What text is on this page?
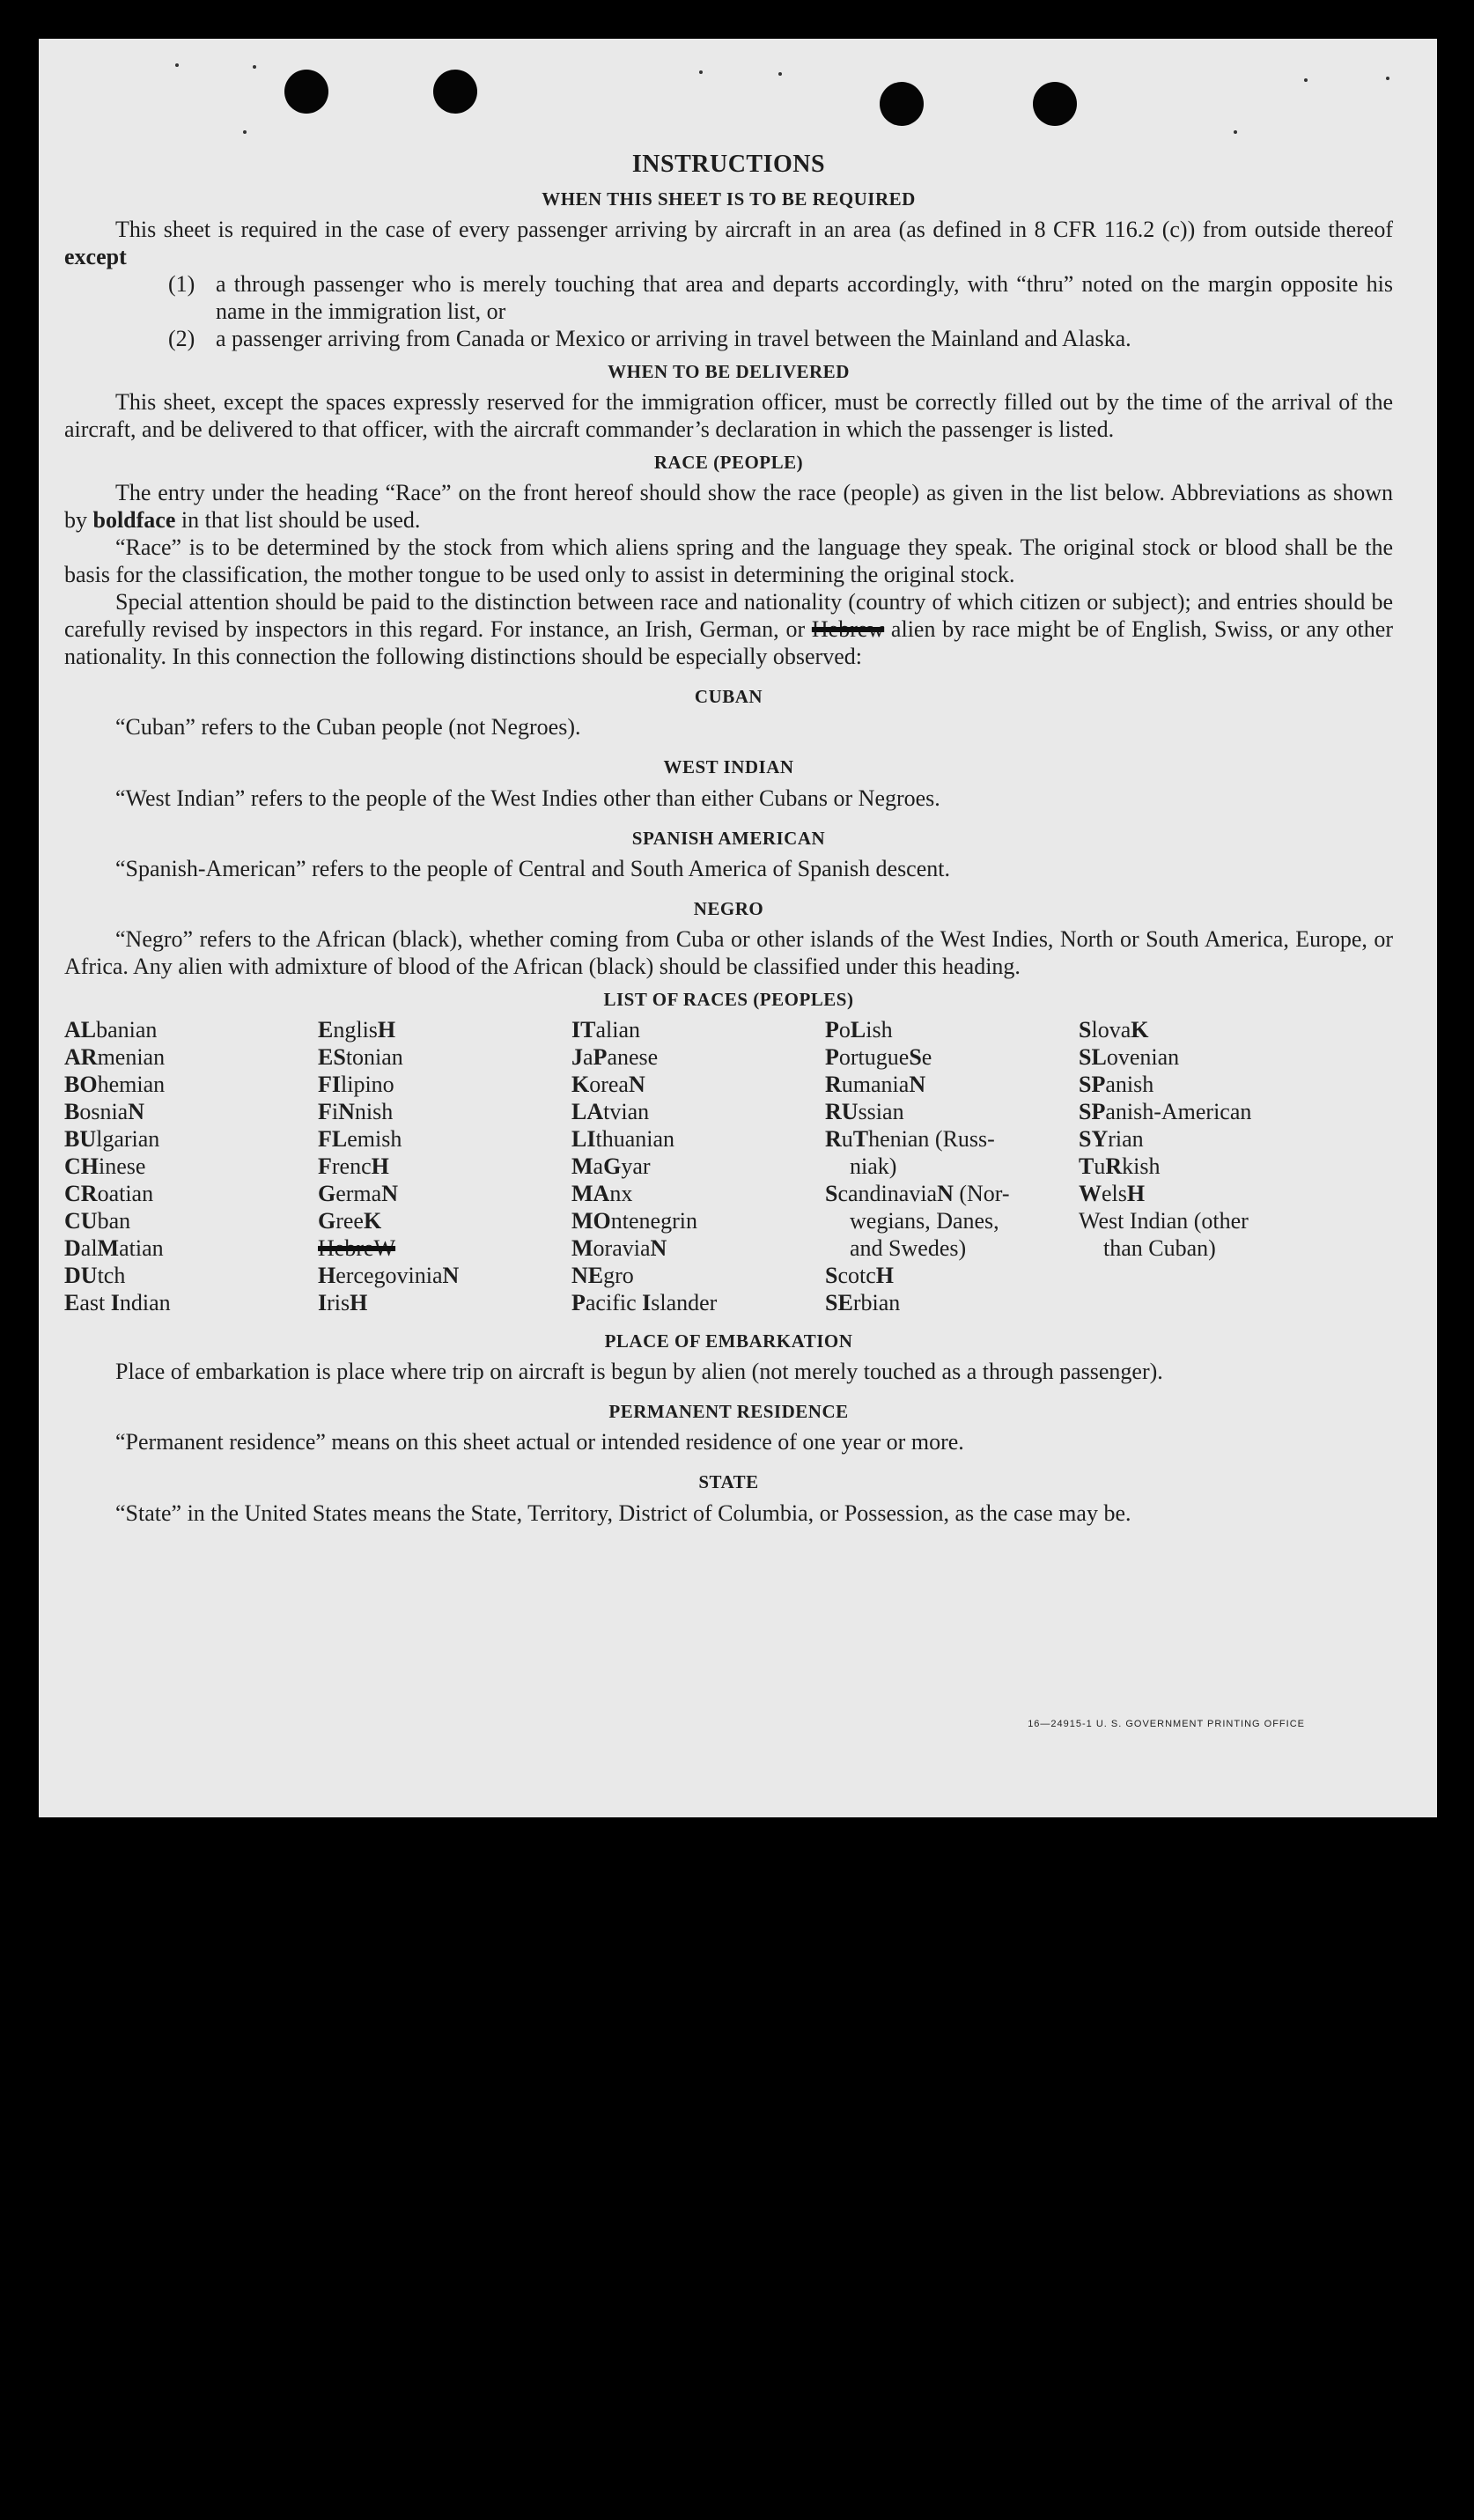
INSTRUCTIONS
WHEN THIS SHEET IS TO BE REQUIRED

This sheet is required in the case of every passenger arriving by aircraft in an area (as defined in 8 CFR 116.2 (c)) from outside thereof except

(1) a through passenger who is merely touching that area and departs accordingly, with “thru” noted on the margin opposite his name in the immigration list, or
(2) a passenger arriving from Canada or Mexico or arriving in travel between the Mainland and Alaska.
WHEN TO BE DELIVERED

This sheet, except the spaces expressly reserved for the immigration officer, must be correctly filled out by the time of the arrival of the aircraft, and be delivered to that officer, with the aircraft commander’s declaration in which the passenger is listed.

RACE (PEOPLE)

The entry under the heading “Race” on the front hereof should show the race (people) as given in the list below. Abbreviations as shown by boldface in that list should be used.

“Race” is to be determined by the stock from which aliens spring and the language they speak. The original stock or blood shall be the basis for the classification, the mother tongue to be used only to assist in determining the original stock.

Special attention should be paid to the distinction between race and nationality (country of which citizen or subject); and entries should be carefully revised by inspectors in this regard. For instance, an Irish, German, or Hebrew alien by race might be of English, Swiss, or any other nationality. In this connection the following distinctions should be especially observed:

CUBAN

“Cuban” refers to the Cuban people (not Negroes).

WEST INDIAN

“West Indian” refers to the people of the West Indies other than either Cubans or Negroes.

SPANISH AMERICAN

“Spanish-American” refers to the people of Central and South America of Spanish descent.

NEGRO

“Negro” refers to the African (black), whether coming from Cuba or other islands of the West Indies, North or South America, Europe, or Africa. Any alien with admixture of blood of the African (black) should be classified under this heading.

LIST OF RACES (PEOPLES)
ALbanian
ARmenian
BOhemian
BosniaN
BUlgarian
CHinese
CRoatian
CUban
DalMatian
DUtch
East Indian
EnglisH
EStonian
FIlipino
FiNnish
FLemish
FrencH
GermaN
GreeK
HebreW
HercegoviniaN
IrisH
ITalian
JaPanese
KoreaN
LAtvian
LIthuanian
MaGyar
MAnx
MOntenegrin
MoraviaN
NEgro
Pacific Islander
PoLish
PortugueSe
RumaniaN
RUssian
RuThenian (Russ-
niak)
ScandinaviaN (Nor-
wegians, Danes,
and Swedes)
ScotcH
SErbian
SlovaK
SLovenian
SPanish
SPanish-American
SYrian
TuRkish
WelsH
West Indian (other
than Cuban)
PLACE OF EMBARKATION

Place of embarkation is place where trip on aircraft is begun by alien (not merely touched as a through passenger).

PERMANENT RESIDENCE

“Permanent residence” means on this sheet actual or intended residence of one year or more.

STATE

“State” in the United States means the State, Territory, District of Columbia, or Possession, as the case may be.

16—24915-1 U. S. GOVERNMENT PRINTING OFFICE
